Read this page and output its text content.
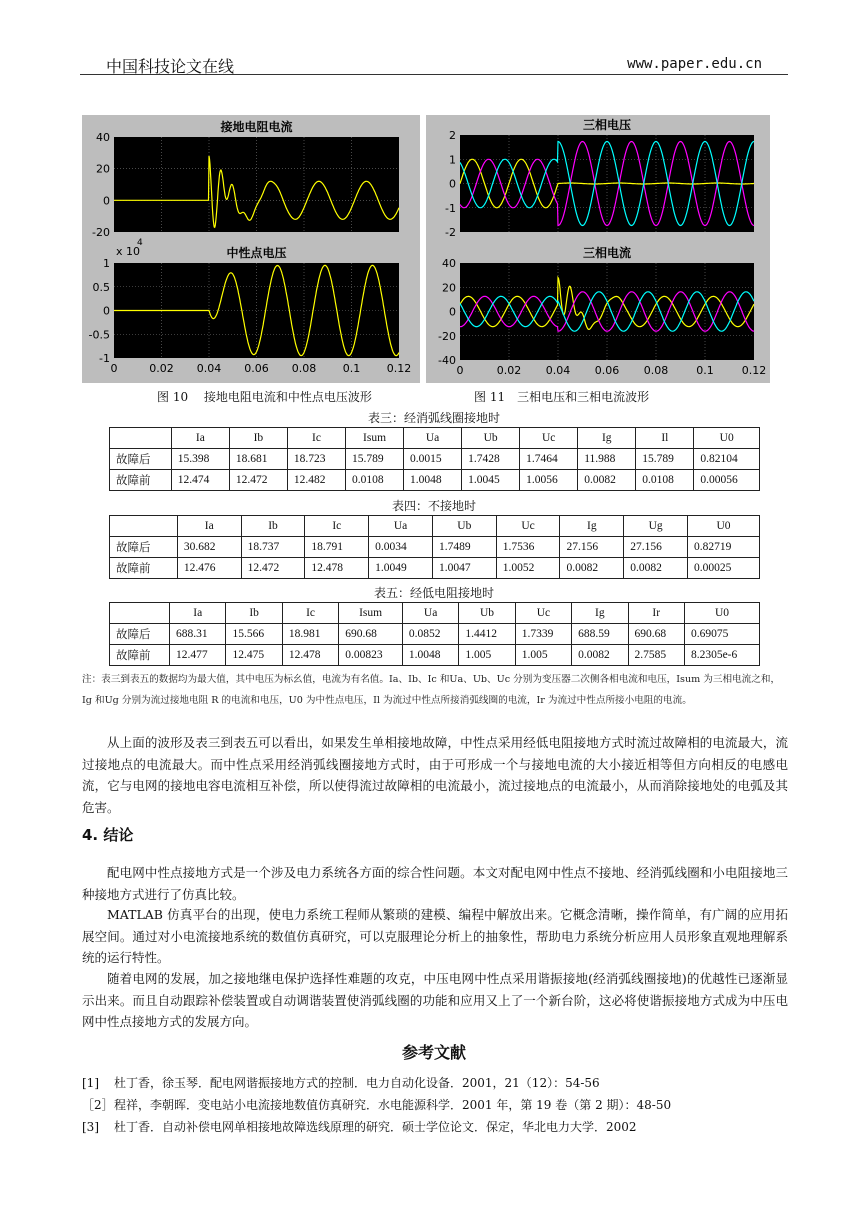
中国科技论文在线	www.paper.edu.cn
40
20
0
-20
接地电阻电流
1
0.5
0
-0.5
-1
0	0.02 0.04 0.06 0.08 0.1 0.12
中性点电压
x 10
4
2
1
0
-1
-2
三相电压
40
20
0
-20
-40
0	0.02 0.04 0.06 0.08	0.1	0.12
三相电流
图 10　 接地电阻电流和中性点电压波形	图 11　三相电压和三相电流波形
表三：经消弧线圈接地时
	Ia	Ib	Ic	Isum	Ua	Ub	Uc	Ig	Il	U0
故障后	15.398	18.681	18.723	15.789	0.0015	1.7428	1.7464	11.988	15.789	0.82104
故障前	12.474	12.472	12.482	0.0108	1.0048	1.0045	1.0056	0.0082	0.0108	0.00056
表四：不接地时
	Ia	Ib	Ic	Ua	Ub	Uc	Ig	Ug	U0
故障后	30.682	18.737	18.791	0.0034	1.7489	1.7536	27.156	27.156	0.82719
故障前	12.476	12.472	12.478	1.0049	1.0047	1.0052	0.0082	0.0082	0.00025
表五：经低电阻接地时
	Ia	Ib	Ic	Isum	Ua	Ub	Uc	Ig	Ir	U0
故障后	688.31	15.566	18.981	690.68	0.0852	1.4412	1.7339	688.59	690.68	0.69075
故障前	12.477	12.475	12.478	0.00823	1.0048	1.005	1.005	0.0082	2.7585	8.2305e-6
注：表三到表五的数据均为最大值，其中电压为标幺值，电流为有名值。Ia、Ib、Ic 和Ua、Ub、Uc 分别为变压器二次侧各相电流和电压，Isum 为三相电流之和，Ig 和Ug 分别为流过接地电阻 R 的电流和电压，U0 为中性点电压，Il 为流过中性点所接消弧线圈的电流，Ir 为流过中性点所接小电阻的电流。
从上面的波形及表三到表五可以看出，如果发生单相接地故障，中性点采用经低电阻接地方式时流过故障相的电流最大，流过接地点的电流最大。而中性点采用经消弧线圈接地方式时，由于可形成一个与接地电流的大小接近相等但方向相反的电感电流，它与电网的接地电容电流相互补偿，所以使得流过故障相的电流最小，流过接地点的电流最小，从而消除接地处的电弧及其危害。
4. 结论
配电网中性点接地方式是一个涉及电力系统各方面的综合性问题。本文对配电网中性点不接地、经消弧线圈和小电阻接地三种接地方式进行了仿真比较。
MATLAB 仿真平台的出现，使电力系统工程师从繁琐的建模、编程中解放出来。它概念清晰，操作简单，有广阔的应用拓展空间。通过对小电流接地系统的数值仿真研究，可以克服理论分析上的抽象性，帮助电力系统分析应用人员形象直观地理解系统的运行特性。
随着电网的发展，加之接地继电保护选择性难题的攻克，中压电网中性点采用谐振接地(经消弧线圈接地)的优越性已逐渐显示出来。而且自动跟踪补偿装置或自动调谐装置使消弧线圈的功能和应用又上了一个新台阶，这必将使谐振接地方式成为中压电网中性点接地方式的发展方向。
参考文献
[1] 杜丁香，徐玉琴．配电网谐振接地方式的控制．电力自动化设备．2001，21（12）：54-56
［2］程祥，李朝晖．变电站小电流接地数值仿真研究．水电能源科学．2001 年，第 19 卷（第 2 期）：48-50
[3] 杜丁香．自动补偿电网单相接地故障选线原理的研究．硕士学位论文．保定，华北电力大学．2002
